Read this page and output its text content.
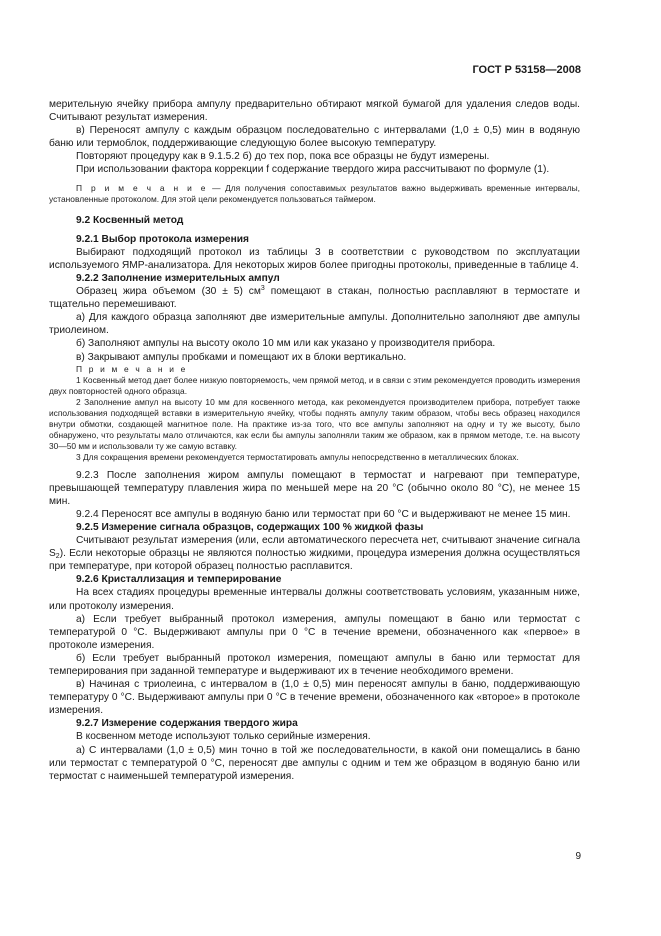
ГОСТ Р 53158—2008

мерительную ячейку прибора ампулу предварительно обтирают мягкой бумагой для удаления следов воды. Считывают результат измерения.

в) Переносят ампулу с каждым образцом последовательно с интервалами (1,0 ± 0,5) мин в водяную баню или термоблок, поддерживающие следующую более высокую температуру.

Повторяют процедуру как в 9.1.5.2 б) до тех пор, пока все образцы не будут измерены.

При использовании фактора коррекции f содержание твердого жира рассчитывают по формуле (1).

П р и м е ч а н и е — Для получения сопоставимых результатов важно выдерживать временные интервалы, установленные протоколом. Для этой цели рекомендуется пользоваться таймером.

9.2 Косвенный метод

9.2.1 Выбор протокола измерения

Выбирают подходящий протокол из таблицы 3 в соответствии с руководством по эксплуатации используемого ЯМР-анализатора. Для некоторых жиров более пригодны протоколы, приведенные в таблице 4.

9.2.2 Заполнение измерительных ампул

Образец жира объемом (30 ± 5) $см^3$ помещают в стакан, полностью расплавляют в термостате и тщательно перемешивают.

а) Для каждого образца заполняют две измерительные ампулы. Дополнительно заполняют две ампулы триолеином.

б) Заполняют ампулы на высоту около 10 мм или как указано у производителя прибора.

в) Закрывают ампулы пробками и помещают их в блоки вертикально.

П р и м е ч а н и е

1 Косвенный метод дает более низкую повторяемость, чем прямой метод, и в связи с этим рекомендуется проводить измерения двух повторностей одного образца.

2 Заполнение ампул на высоту 10 мм для косвенного метода, как рекомендуется производителем прибора, потребует также использования подходящей вставки в измерительную ячейку, чтобы поднять ампулу таким образом, чтобы весь образец находился внутри обмотки, создающей магнитное поле. На практике из-за того, что все ампулы заполняют на одну и ту же высоту, было обнаружено, что результаты мало отличаются, как если бы ампулы заполняли таким же образом, как в прямом методе, т.е. на высоту 30—50 мм и использовали ту же самую вставку.

3 Для сокращения времени рекомендуется термостатировать ампулы непосредственно в металлических блоках.

9.2.3 После заполнения жиром ампулы помещают в термостат и нагревают при температуре, превышающей температуру плавления жира по меньшей мере на 20 °С (обычно около 80 °С), не менее 15 мин.

9.2.4 Переносят все ампулы в водяную баню или термостат при 60 °С и выдерживают не менее 15 мин.

9.2.5 Измерение сигнала образцов, содержащих 100 % жидкой фазы

Считывают результат измерения (или, если автоматического пересчета нет, считывают значение сигнала $S_2$). Если некоторые образцы не являются полностью жидкими, процедура измерения должна осуществляться при температуре, при которой образец полностью расплавится.

9.2.6 Кристаллизация и темперирование

На всех стадиях процедуры временные интервалы должны соответствовать условиям, указанным ниже, или протоколу измерения.

а) Если требует выбранный протокол измерения, ампулы помещают в баню или термостат с температурой 0 °С. Выдерживают ампулы при 0 °С в течение времени, обозначенного как «первое» в протоколе измерения.

б) Если требует выбранный протокол измерения, помещают ампулы в баню или термостат для темперирования при заданной температуре и выдерживают их в течение необходимого времени.

в) Начиная с триолеина, с интервалом в (1,0 ± 0,5) мин переносят ампулы в баню, поддерживающую температуру 0 °С. Выдерживают ампулы при 0 °С в течение времени, обозначенного как «второе» в протоколе измерения.

9.2.7 Измерение содержания твердого жира

В косвенном методе используют только серийные измерения.

а) С интервалами (1,0 ± 0,5) мин точно в той же последовательности, в какой они помещались в баню или термостат с температурой 0 °С, переносят две ампулы с одним и тем же образцом в водяную баню или термостат с наименьшей температурой измерения.

9
